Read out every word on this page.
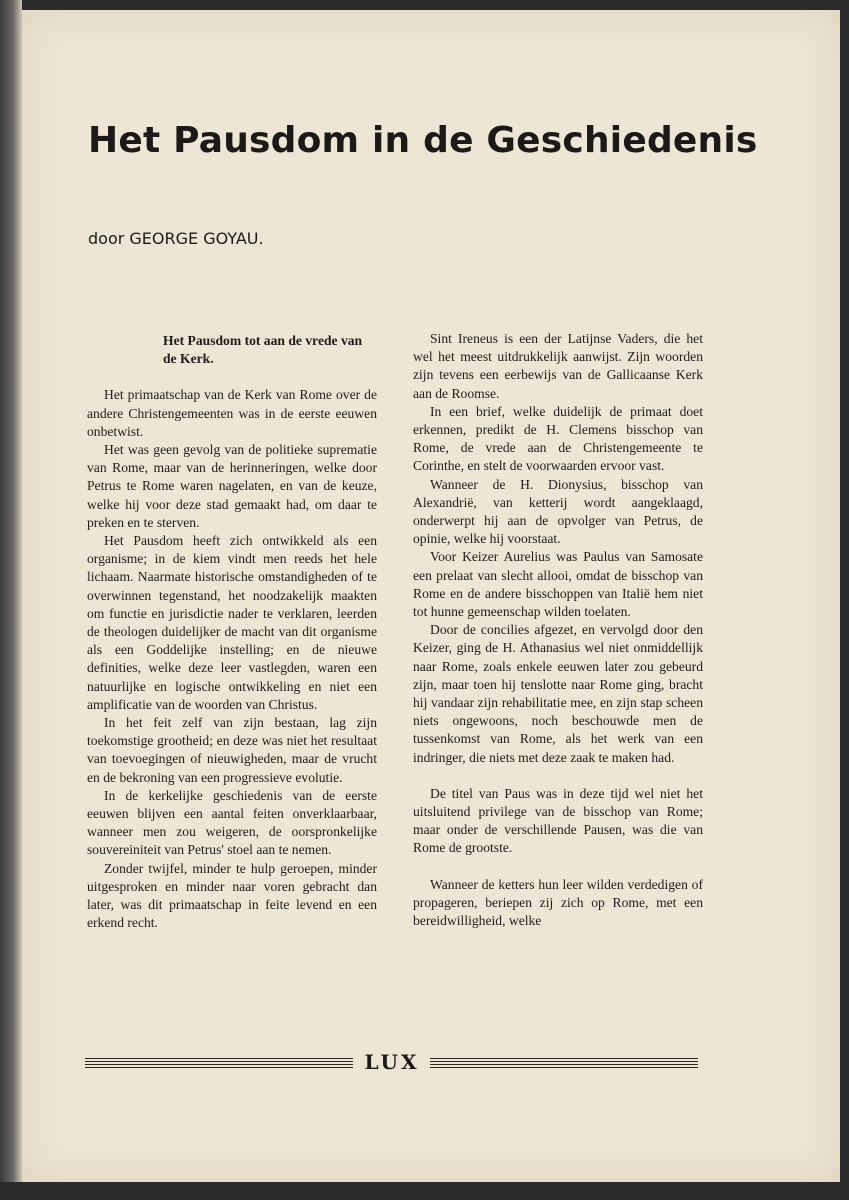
Het Pausdom in de Geschiedenis
door GEORGE GOYAU.
Het Pausdom tot aan de vrede van de Kerk.

Het primaatschap van de Kerk van Rome over de andere Christengemeenten was in de eerste eeuwen onbetwist.

Het was geen gevolg van de politieke suprematie van Rome, maar van de herinneringen, welke door Petrus te Rome waren nagelaten, en van de keuze, welke hij voor deze stad gemaakt had, om daar te preken en te sterven.

Het Pausdom heeft zich ontwikkeld als een organisme; in de kiem vindt men reeds het hele lichaam. Naarmate historische omstandigheden of te overwinnen tegenstand, het noodzakelijk maakten om functie en jurisdictie nader te verklaren, leerden de theologen duidelijker de macht van dit organisme als een Goddelijke instelling; en de nieuwe definities, welke deze leer vastlegden, waren een natuurlijke en logische ontwikkeling en niet een amplificatie van de woorden van Christus.

In het feit zelf van zijn bestaan, lag zijn toekomstige grootheid; en deze was niet het resultaat van toevoegingen of nieuwigheden, maar de vrucht en de bekroning van een progressieve evolutie.

In de kerkelijke geschiedenis van de eerste eeuwen blijven een aantal feiten onverklaarbaar, wanneer men zou weigeren, de oorspronkelijke souvereiniteit van Petrus' stoel aan te nemen.

Zonder twijfel, minder te hulp geroepen, minder uitgesproken en minder naar voren gebracht dan later, was dit primaatschap in feite levend en een erkend recht.

Sint Ireneus is een der Latijnse Vaders, die het wel het meest uitdrukkelijk aanwijst. Zijn woorden zijn tevens een eerbewijs van de Gallicaanse Kerk aan de Roomse.

In een brief, welke duidelijk de primaat doet erkennen, predikt de H. Clemens bisschop van Rome, de vrede aan de Christengemeente te Corinthe, en stelt de voorwaarden ervoor vast.

Wanneer de H. Dionysius, bisschop van Alexandrië, van ketterij wordt aangeklaagd, onderwerpt hij aan de opvolger van Petrus, de opinie, welke hij voorstaat.

Voor Keizer Aurelius was Paulus van Samosate een prelaat van slecht allooi, omdat de bisschop van Rome en de andere bisschoppen van Italië hem niet tot hunne gemeenschap wilden toelaten.

Door de concilies afgezet, en vervolgd door den Keizer, ging de H. Athanasius wel niet onmiddellijk naar Rome, zoals enkele eeuwen later zou gebeurd zijn, maar toen hij tenslotte naar Rome ging, bracht hij vandaar zijn rehabilitatie mee, en zijn stap scheen niets ongewoons, noch beschouwde men de tussenkomst van Rome, als het werk van een indringer, die niets met deze zaak te maken had.

De titel van Paus was in deze tijd wel niet het uitsluitend privilege van de bisschop van Rome; maar onder de verschillende Pausen, was die van Rome de grootste.

Wanneer de ketters hun leer wilden verdedigen of propageren, beriepen zij zich op Rome, met een bereidwilligheid, welke

LUX
